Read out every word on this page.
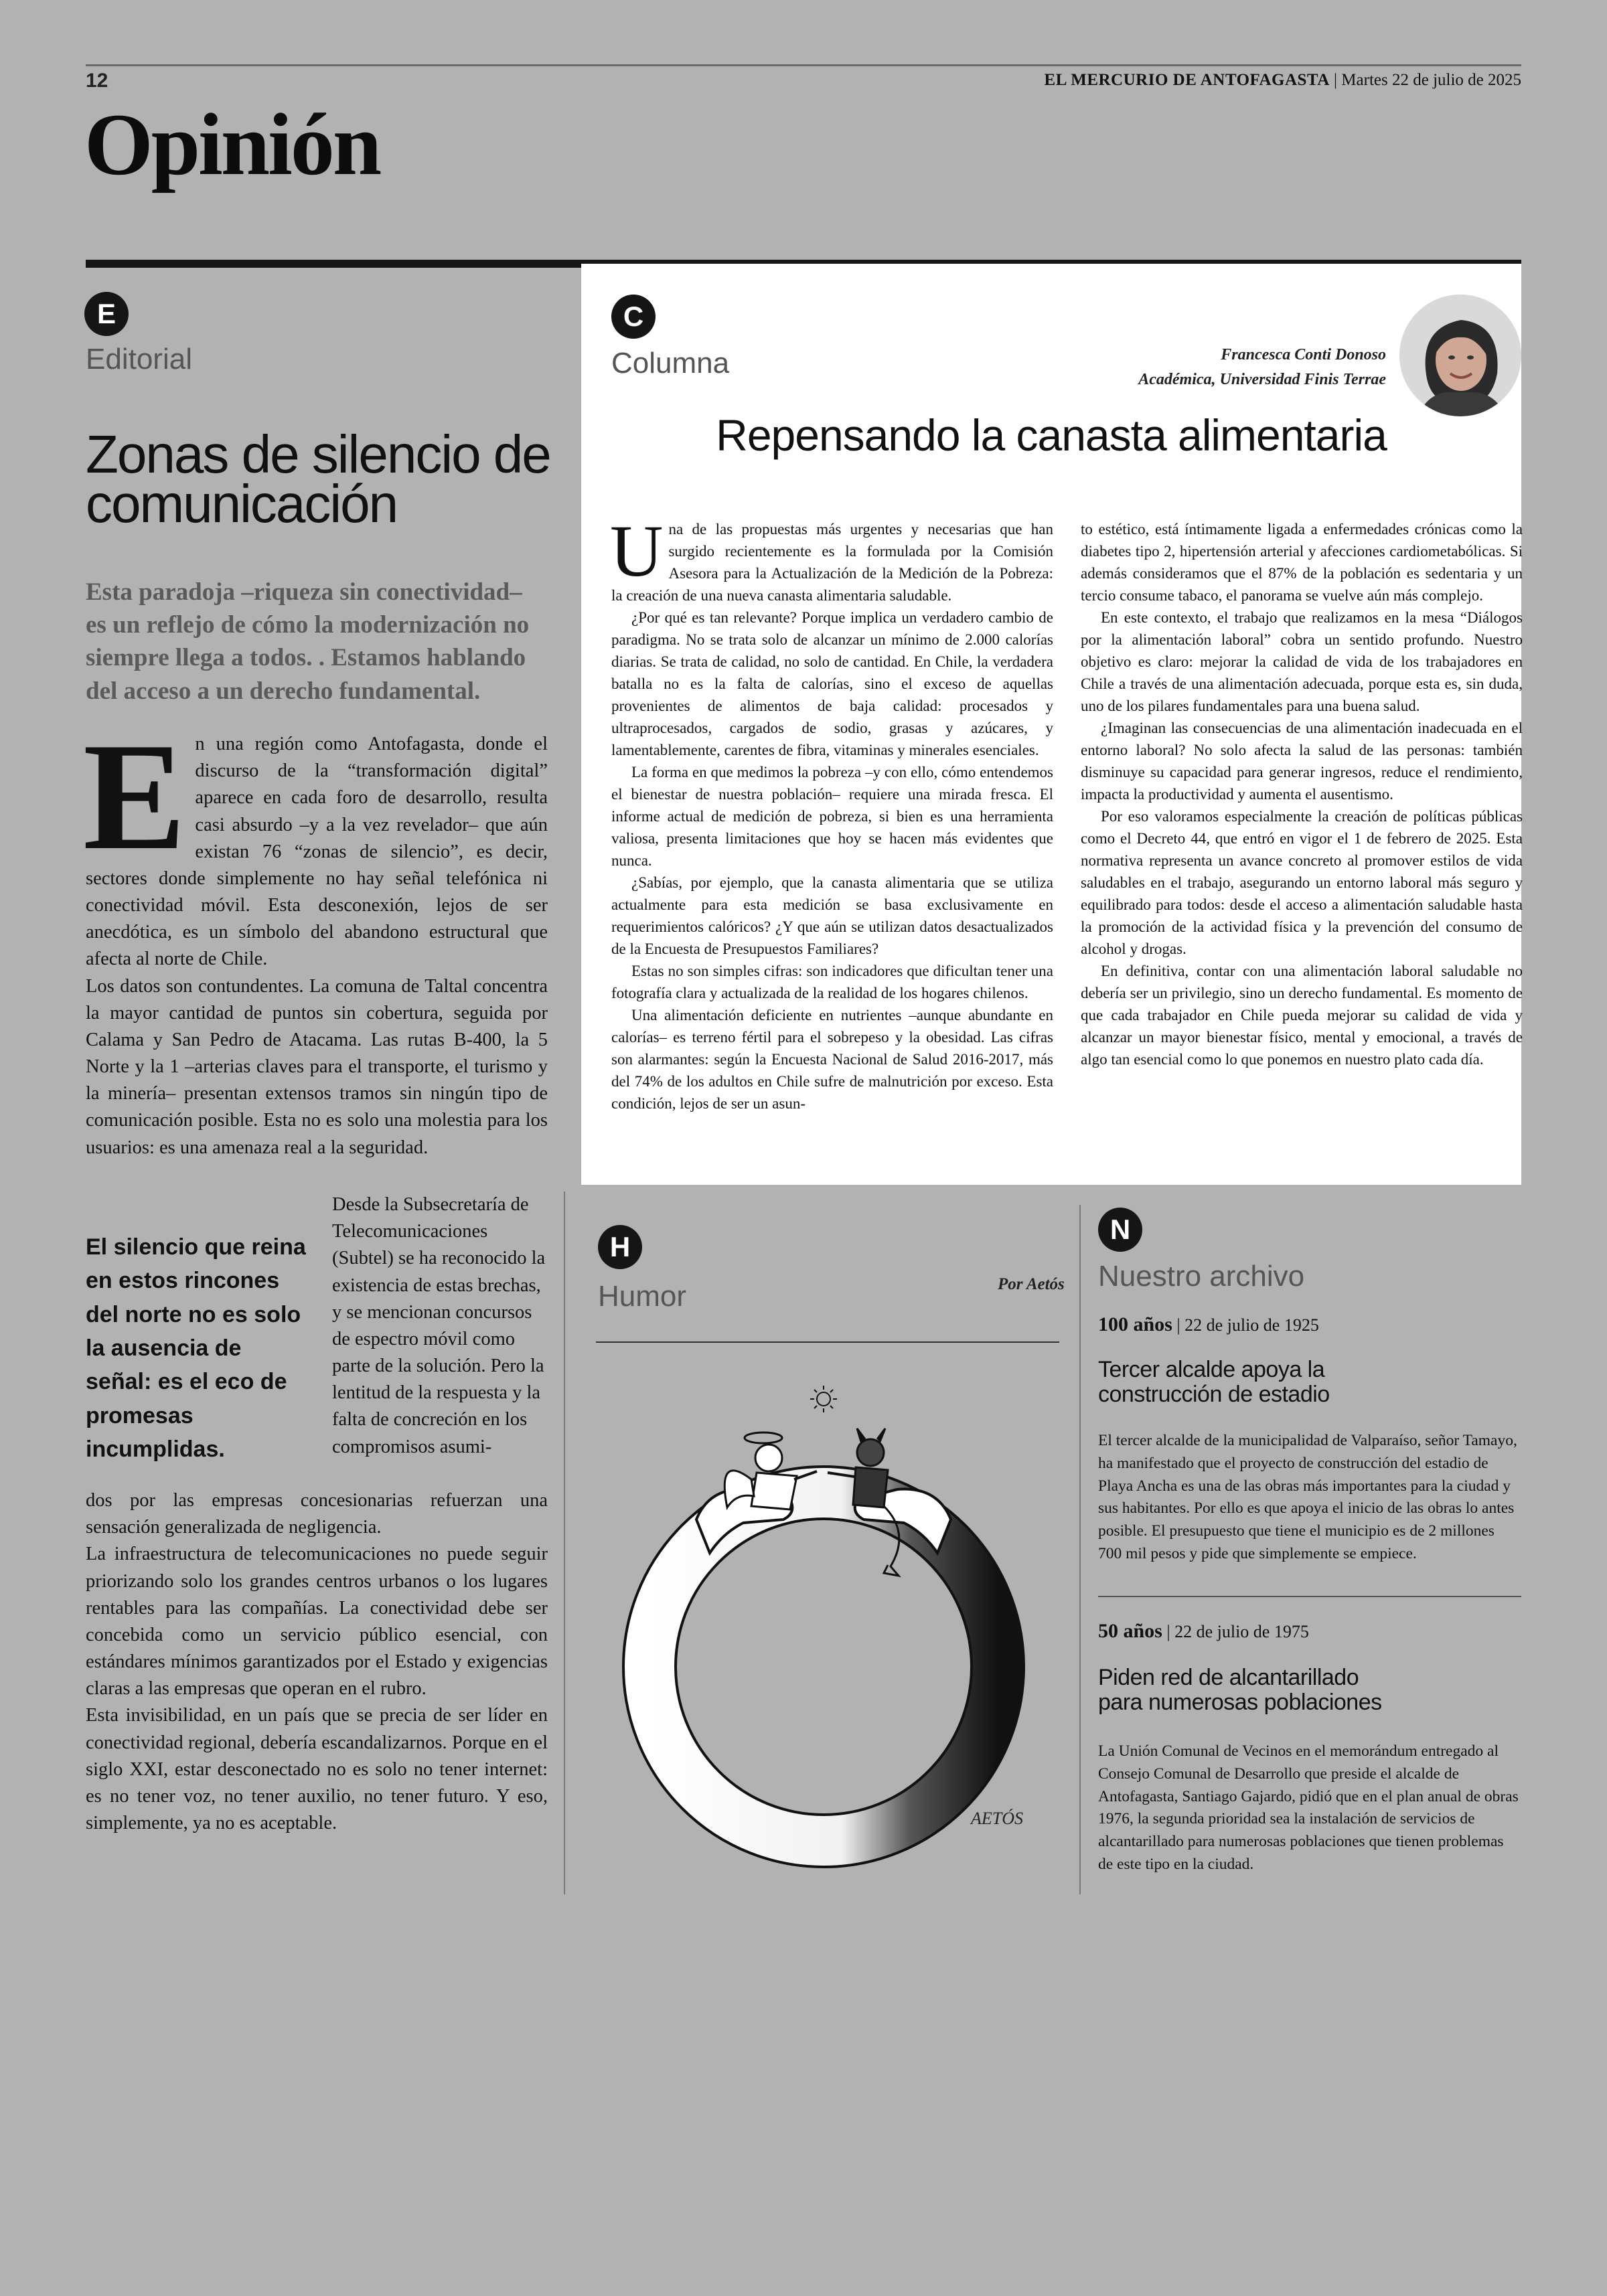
12	EL MERCURIO DE ANTOFAGASTA | Martes 22 de julio de 2025
Opinión
E
Editorial
Zonas de silencio de comunicación
Esta paradoja –riqueza sin conectividad– es un reflejo de cómo la modernización no siempre llega a todos. . Estamos hablando del acceso a un derecho fundamental.
En una región como Antofagasta, donde el discurso de la “transformación digital” aparece en cada foro de desarrollo, resulta casi absurdo –y a la vez revelador– que aún existan 76 “zonas de silencio”, es decir, sectores donde simplemente no hay señal telefónica ni conectividad móvil. Esta desconexión, lejos de ser anecdótica, es un símbolo del abandono estructural que afecta al norte de Chile.
Los datos son contundentes. La comuna de Taltal concentra la mayor cantidad de puntos sin cobertura, seguida por Calama y San Pedro de Atacama. Las rutas B-400, la 5 Norte y la 1 –arterias claves para el transporte, el turismo y la minería– presentan extensos tramos sin ningún tipo de comunicación posible. Esta no es solo una molestia para los usuarios: es una amenaza real a la seguridad.
El silencio que reina en estos rincones del norte no es solo la ausencia de señal: es el eco de promesas incumplidas.
Desde la Subsecretaría de Telecomunicaciones (Subtel) se ha reconocido la existencia de estas brechas, y se mencionan concursos de espectro móvil como parte de la solución. Pero la lentitud de la respuesta y la falta de concreción en los compromisos asumi-
dos por las empresas concesionarias refuerzan una sensación generalizada de negligencia.
La infraestructura de telecomunicaciones no puede seguir priorizando solo los grandes centros urbanos o los lugares rentables para las compañías. La conectividad debe ser concebida como un servicio público esencial, con estándares mínimos garantizados por el Estado y exigencias claras a las empresas que operan en el rubro.
Esta invisibilidad, en un país que se precia de ser líder en conectividad regional, debería escandalizarnos. Porque en el siglo XXI, estar desconectado no es solo no tener internet: es no tener voz, no tener auxilio, no tener futuro. Y eso, simplemente, ya no es aceptable.
C
Columna	Francesca Conti Donoso
Académica, Universidad Finis Terrae
Repensando la canasta alimentaria

Una de las propuestas más urgentes y necesarias que han surgido recientemente es la formulada por la Comisión Asesora para la Actualización de la Medición de la Pobreza: la creación de una nueva canasta alimentaria saludable.

¿Por qué es tan relevante? Porque implica un verdadero cambio de paradigma. No se trata solo de alcanzar un mínimo de 2.000 calorías diarias. Se trata de calidad, no solo de cantidad. En Chile, la verdadera batalla no es la falta de calorías, sino el exceso de aquellas provenientes de alimentos de baja calidad: procesados y ultraprocesados, cargados de sodio, grasas y azúcares, y lamentablemente, carentes de fibra, vitaminas y minerales esenciales.

La forma en que medimos la pobreza –y con ello, cómo entendemos el bienestar de nuestra población– requiere una mirada fresca. El informe actual de medición de pobreza, si bien es una herramienta valiosa, presenta limitaciones que hoy se hacen más evidentes que nunca.

¿Sabías, por ejemplo, que la canasta alimentaria que se utiliza actualmente para esta medición se basa exclusivamente en requerimientos calóricos? ¿Y que aún se utilizan datos desactualizados de la Encuesta de Presupuestos Familiares?

Estas no son simples cifras: son indicadores que dificultan tener una fotografía clara y actualizada de la realidad de los hogares chilenos.

Una alimentación deficiente en nutrientes –aunque abundante en calorías– es terreno fértil para el sobrepeso y la obesidad. Las cifras son alarmantes: según la Encuesta Nacional de Salud 2016-2017, más del 74% de los adultos en Chile sufre de malnutrición por exceso. Esta condición, lejos de ser un asun-

to estético, está íntimamente ligada a enfermedades crónicas como la diabetes tipo 2, hipertensión arterial y afecciones cardiometabólicas. Si además consideramos que el 87% de la población es sedentaria y un tercio consume tabaco, el panorama se vuelve aún más complejo.

En este contexto, el trabajo que realizamos en la mesa “Diálogos por la alimentación laboral” cobra un sentido profundo. Nuestro objetivo es claro: mejorar la calidad de vida de los trabajadores en Chile a través de una alimentación adecuada, porque esta es, sin duda, uno de los pilares fundamentales para una buena salud.

¿Imaginan las consecuencias de una alimentación inadecuada en el entorno laboral? No solo afecta la salud de las personas: también disminuye su capacidad para generar ingresos, reduce el rendimiento, impacta la productividad y aumenta el ausentismo.

Por eso valoramos especialmente la creación de políticas públicas como el Decreto 44, que entró en vigor el 1 de febrero de 2025. Esta normativa representa un avance concreto al promover estilos de vida saludables en el trabajo, asegurando un entorno laboral más seguro y equilibrado para todos: desde el acceso a alimentación saludable hasta la promoción de la actividad física y la prevención del consumo de alcohol y drogas.

En definitiva, contar con una alimentación laboral saludable no debería ser un privilegio, sino un derecho fundamental. Es momento de que cada trabajador en Chile pueda mejorar su calidad de vida y alcanzar un mayor bienestar físico, mental y emocional, a través de algo tan esencial como lo que ponemos en nuestro plato cada día.

H
Humor	Por Aetós
AETÓS
N
Nuestro archivo
100 años | 22 de julio de 1925
Tercer alcalde apoya la construcción de estadio
El tercer alcalde de la municipalidad de Valparaíso, señor Tamayo, ha manifestado que el proyecto de construcción del estadio de Playa Ancha es una de las obras más importantes para la ciudad y sus habitantes. Por ello es que apoya el inicio de las obras lo antes posible. El presupuesto que tiene el municipio es de 2 millones 700 mil pesos y pide que simplemente se empiece.
50 años | 22 de julio de 1975
Piden red de alcantarillado para numerosas poblaciones
La Unión Comunal de Vecinos en el memorándum entregado al Consejo Comunal de Desarrollo que preside el alcalde de Antofagasta, Santiago Gajardo, pidió que en el plan anual de obras 1976, la segunda prioridad sea la instalación de servicios de alcantarillado para numerosas poblaciones que tienen problemas de este tipo en la ciudad.
